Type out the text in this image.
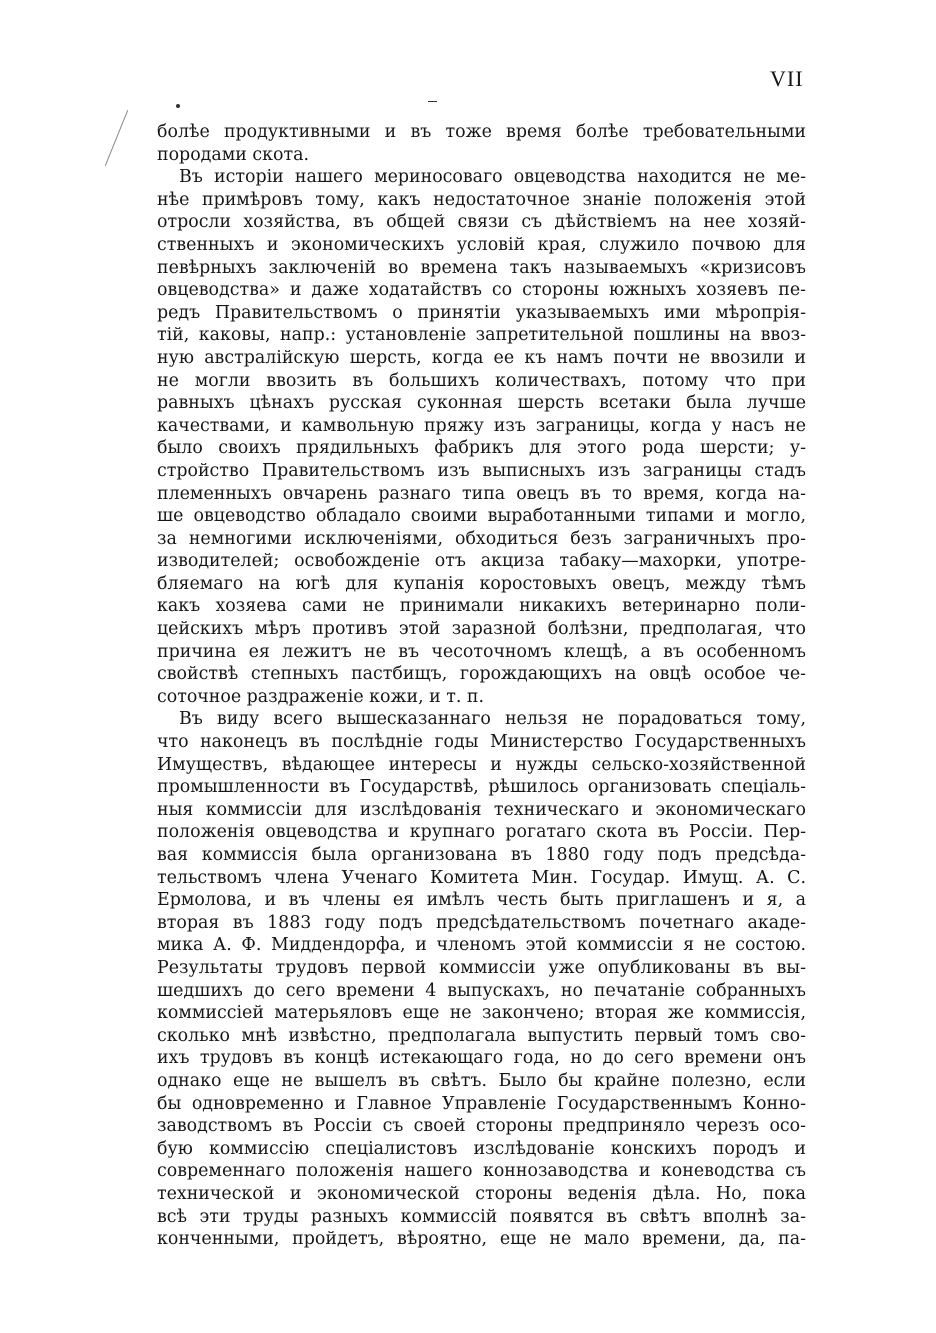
VII
болѣе продуктивными и въ тоже время болѣе требовательными
породами скота.
Въ исторіи нашего мериносоваго овцеводства находится не мe-
нѣе примѣровъ тому, какъ недостаточное знаніе положенія этой
отросли хозяйства, въ общей связи съ дѣйствіемъ на нее хозяй-
ственныхъ и экономическихъ условій края, служило почвою для
певѣрныхъ заключеній во времена такъ называемыхъ «кризисовъ
овцеводства» и даже ходатайствъ со стороны южныхъ хозяевъ пе-
редъ Правительствомъ о принятіи указываемыхъ ими мѣропрія-
тій, каковы, напр.: установленіе запретительной пошлины на ввоз-
ную австралійскую шерсть, когда ее къ намъ почти не ввозили и
не могли ввозить въ большихъ количествахъ, потому что при
равныхъ цѣнахъ русская суконная шерсть всетаки была лучше
качествами, и камвольную пряжу изъ заграницы, когда у насъ не
было своихъ прядильныхъ фабрикъ для этого рода шерсти; у-
стройство Правительствомъ изъ выписныхъ изъ заграницы стадъ
племенныхъ овчарень разнаго типа овецъ въ то время, когда на-
ше овцеводство обладало своими выработанными типами и могло,
за немногими исключеніями, обходиться безъ заграничныхъ про-
изводителей; освобожденіе отъ акциза табаку—махорки, употре-
бляемаго на югѣ для купанія коростовыхъ овецъ, между тѣмъ
какъ хозяева сами не принимали никакихъ ветеринарно поли-
цейскихъ мѣръ противъ этой заразной болѣзни, предполагая, что
причина ея лежитъ не въ чесоточномъ клещѣ, а въ особенномъ
свойствѣ степныхъ пастбищъ, горождающихъ на овцѣ особое че-
соточное раздраженіе кожи, и т. п.
Въ виду всего вышесказаннаго нельзя не порадоваться тому,
что наконецъ въ послѣдніе годы Министерство Государственныхъ
Имуществъ, вѣдающее интересы и нужды сельско-хозяйственной
промышленности въ Государствѣ, рѣшилось организовать спеціаль-
ныя коммиссіи для изслѣдованія техническаго и экономическаго
положенія овцеводства и крупнаго рогатаго скота въ Россіи. Пер-
вая коммиссія была организована въ 1880 году подъ предсѣда-
тельствомъ члена Ученаго Комитета Мин. Государ. Имущ. А. С.
Ермолова, и въ члены ея имѣлъ честь быть приглашенъ и я, а
вторая въ 1883 году подъ предсѣдательствомъ почетнаго акаде-
мика А. Ф. Миддендорфа, и членомъ этой коммиссіи я не состою.
Результаты трудовъ первой коммиссіи уже опубликованы въ вы-
шедшихъ до сего времени 4 выпускахъ, но печатаніе собранныхъ
коммиссіей матерьяловъ еще не закончено; вторая же коммиссія,
сколько мнѣ извѣстно, предполагала выпустить первый томъ сво-
ихъ трудовъ въ концѣ истекающаго года, но до сего времени онъ
однако еще не вышелъ въ свѣтъ. Было бы крайне полезно, если
бы одновременно и Главное Управленіе Государственнымъ Конно-
заводствомъ въ Россіи съ своей стороны предприняло черезъ осо-
бую коммиссію спеціалистовъ изслѣдованіе конскихъ породъ и
современнаго положенія нашего коннозаводства и коневодства съ
технической и экономической стороны веденія дѣла. Но, пока
всѣ эти труды разныхъ коммиссій появятся въ свѣтъ вполнѣ за-
конченными, пройдетъ, вѣроятно, еще не мало времени, да, па-
